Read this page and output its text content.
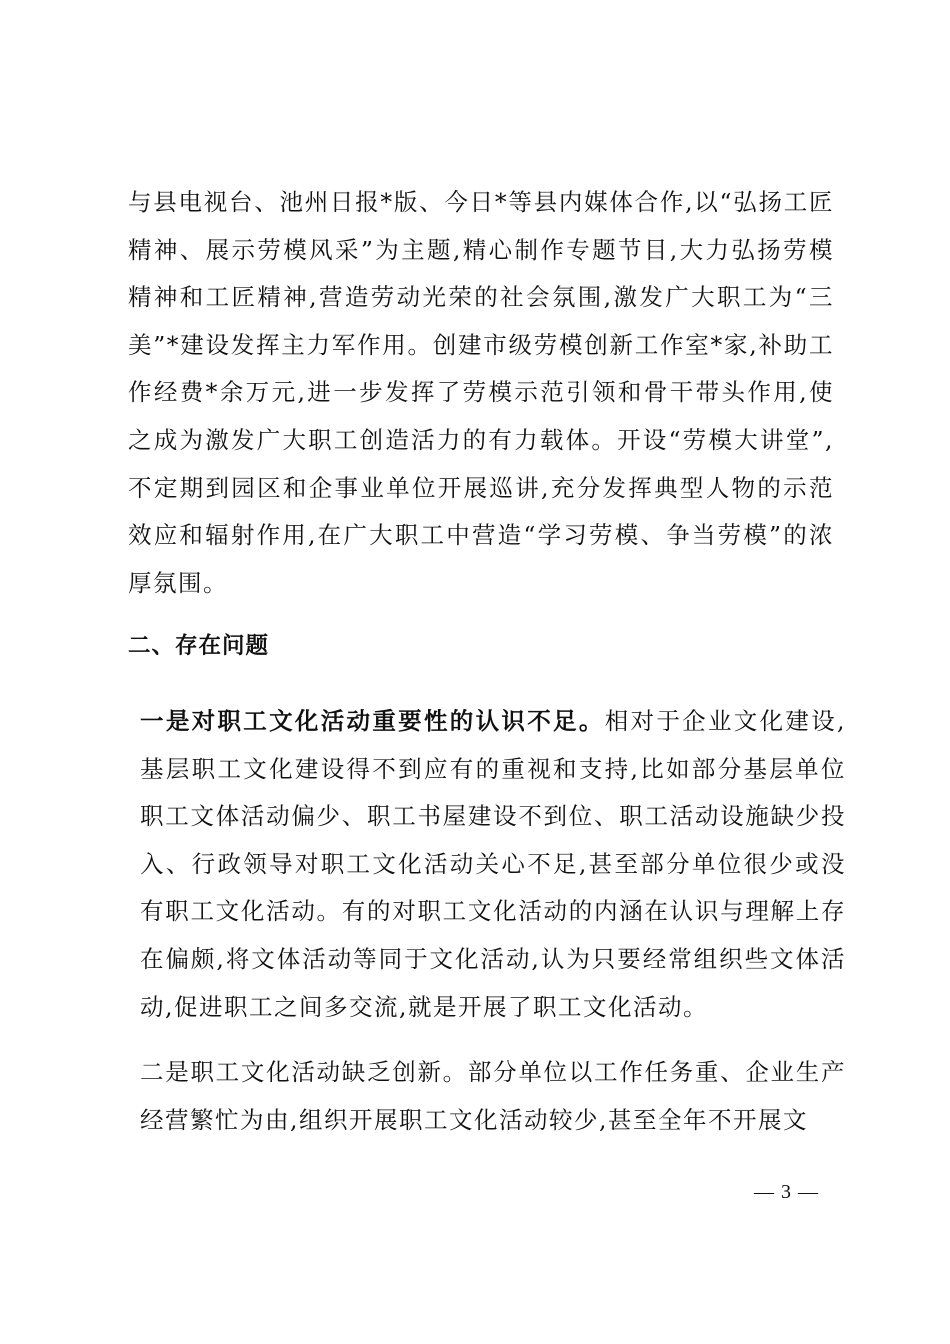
与县电视台、池州日报*版、今日*等县内媒体合作,以“弘扬工匠精神、展示劳模风采”为主题,精心制作专题节目,大力弘扬劳模精神和工匠精神,营造劳动光荣的社会氛围,激发广大职工为“三美”*建设发挥主力军作用。创建市级劳模创新工作室*家,补助工作经费*余万元,进一步发挥了劳模示范引领和骨干带头作用,使之成为激发广大职工创造活力的有力载体。开设“劳模大讲堂”,不定期到园区和企事业单位开展巡讲,充分发挥典型人物的示范效应和辐射作用,在广大职工中营造“学习劳模、争当劳模”的浓厚氛围。

二、存在问题

一是对职工文化活动重要性的认识不足。相对于企业文化建设,基层职工文化建设得不到应有的重视和支持,比如部分基层单位职工文体活动偏少、职工书屋建设不到位、职工活动设施缺少投入、行政领导对职工文化活动关心不足,甚至部分单位很少或没有职工文化活动。有的对职工文化活动的内涵在认识与理解上存在偏颇,将文体活动等同于文化活动,认为只要经常组织些文体活动,促进职工之间多交流,就是开展了职工文化活动。

二是职工文化活动缺乏创新。部分单位以工作任务重、企业生产经营繁忙为由,组织开展职工文化活动较少,甚至全年不开展文

— 3 —
